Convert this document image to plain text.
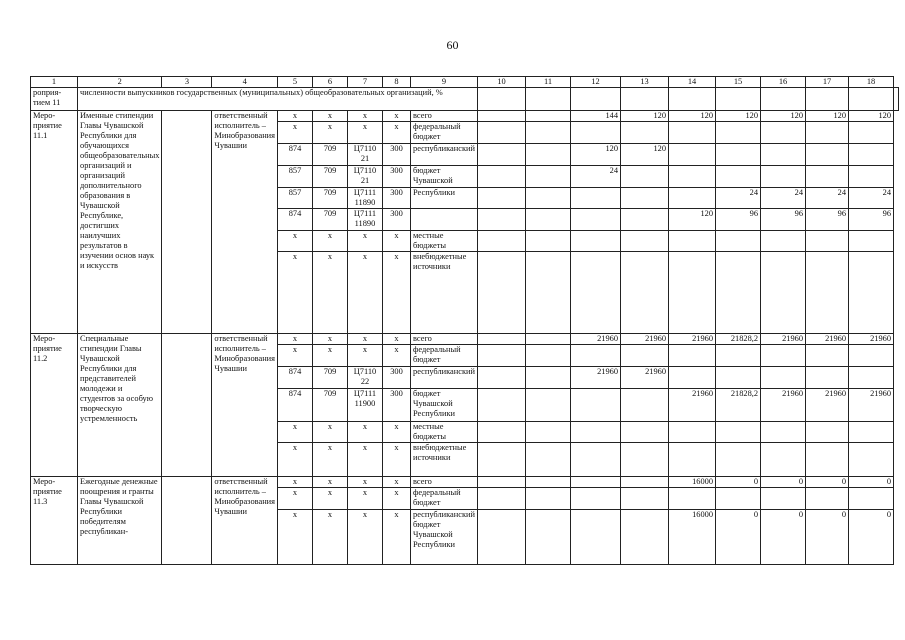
60
1	2	3	4	5	6	7	8	9	10	11	12	13	14	15	16	17	18	
роприя-тием 11	численности выпускников государственных (муниципальных) общеобразовательных организаций, %																	
Меро-приятие 11.1	Именные стипендии Главы Чувашской Республики для обучающихся общеобразовательных организаций и организаций дополнительного образования в Чувашской Республике, достигших наилучших результатов в изучении основ наук и искусств		ответственный исполнитель – Минобразования Чувашии	x	x	x	x	всего			144	120	120	120	120	120	120	
				x	x	x	x	федеральный бюджет										
				874	709	Ц7110 21	300	республиканский			120	120						
				857	709	Ц7110 21	300	бюджет Чувашской			24							
				857	709	Ц7111 11890	300	Республики						24	24	24	24	
				874	709	Ц7111 11890	300						120	96	96	96	96	
				x	x	x	x	местные бюджеты										
				x	x	x	x	внебюджетные источники										
Меро-приятие 11.2	Специальные стипендии Главы Чувашской Республики для представителей молодежи и студентов за особую творческую устремленность		ответственный исполнитель – Минобразования Чувашии	x	x	x	x	всего			21960	21960	21960	21828,2	21960	21960	21960	
				x	x	x	x	федеральный бюджет										
				874	709	Ц7110 22	300	республиканский			21960	21960						
				874	709	Ц7111 11900	300	бюджет Чувашской Республики					21960	21828,2	21960	21960	21960	
				x	x	x	x	местные бюджеты										
				x	x	x	x	внебюджетные источники										
Меро-приятие 11.3	Ежегодные денежные поощрения и гранты Главы Чувашской Республики победителям республикан-		ответственный исполнитель – Минобразования Чувашии	x	x	x	x	всего					16000	0	0	0	0	
				x	x	x	x	федеральный бюджет										
				x	x	x	x	республиканский бюджет Чувашской Республики					16000	0	0	0	0	
